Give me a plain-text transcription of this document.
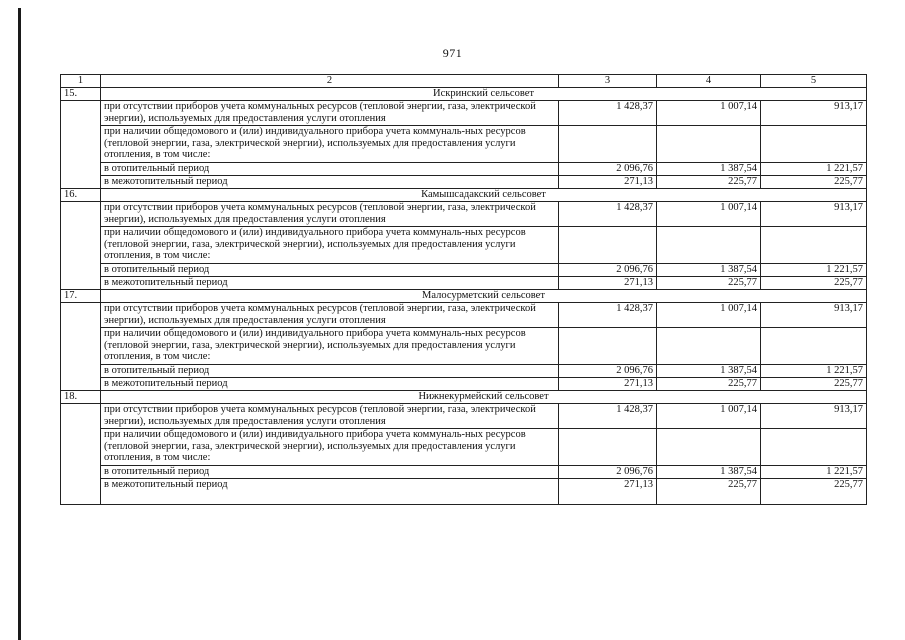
971
1	2	3	4	5
15.	Искринский сельсовет			
	при отсутствии приборов учета коммунальных ресурсов (тепловой энергии, газа, электрической энергии), используемых для предоставления услуги отопления	1 428,37	1 007,14	913,17
	при наличии общедомового и (или) индивидуального прибора учета коммуналь-ных ресурсов (тепловой энергии, газа, электрической энергии), используемых для предоставления услуги отопления, в том числе:			
	в отопительный период	2 096,76	1 387,54	1 221,57
	в межотопительный период	271,13	225,77	225,77
16.	Камышсадакский сельсовет			
	при отсутствии приборов учета коммунальных ресурсов (тепловой энергии, газа, электрической энергии), используемых для предоставления услуги отопления	1 428,37	1 007,14	913,17
	при наличии общедомового и (или) индивидуального прибора учета коммуналь-ных ресурсов (тепловой энергии, газа, электрической энергии), используемых для предоставления услуги отопления, в том числе:			
	в отопительный период	2 096,76	1 387,54	1 221,57
	в межотопительный период	271,13	225,77	225,77
17.	Малосурметский сельсовет			
	при отсутствии приборов учета коммунальных ресурсов (тепловой энергии, газа, электрической энергии), используемых для предоставления услуги отопления	1 428,37	1 007,14	913,17
	при наличии общедомового и (или) индивидуального прибора учета коммуналь-ных ресурсов (тепловой энергии, газа, электрической энергии), используемых для предоставления услуги отопления, в том числе:			
	в отопительный период	2 096,76	1 387,54	1 221,57
	в межотопительный период	271,13	225,77	225,77
18.	Нижнекурмейский сельсовет			
	при отсутствии приборов учета коммунальных ресурсов (тепловой энергии, газа, электрической энергии), используемых для предоставления услуги отопления	1 428,37	1 007,14	913,17
	при наличии общедомового и (или) индивидуального прибора учета коммуналь-ных ресурсов (тепловой энергии, газа, электрической энергии), используемых для предоставления услуги отопления, в том числе:			
	в отопительный период	2 096,76	1 387,54	1 221,57
	в межотопительный период	271,13	225,77	225,77
